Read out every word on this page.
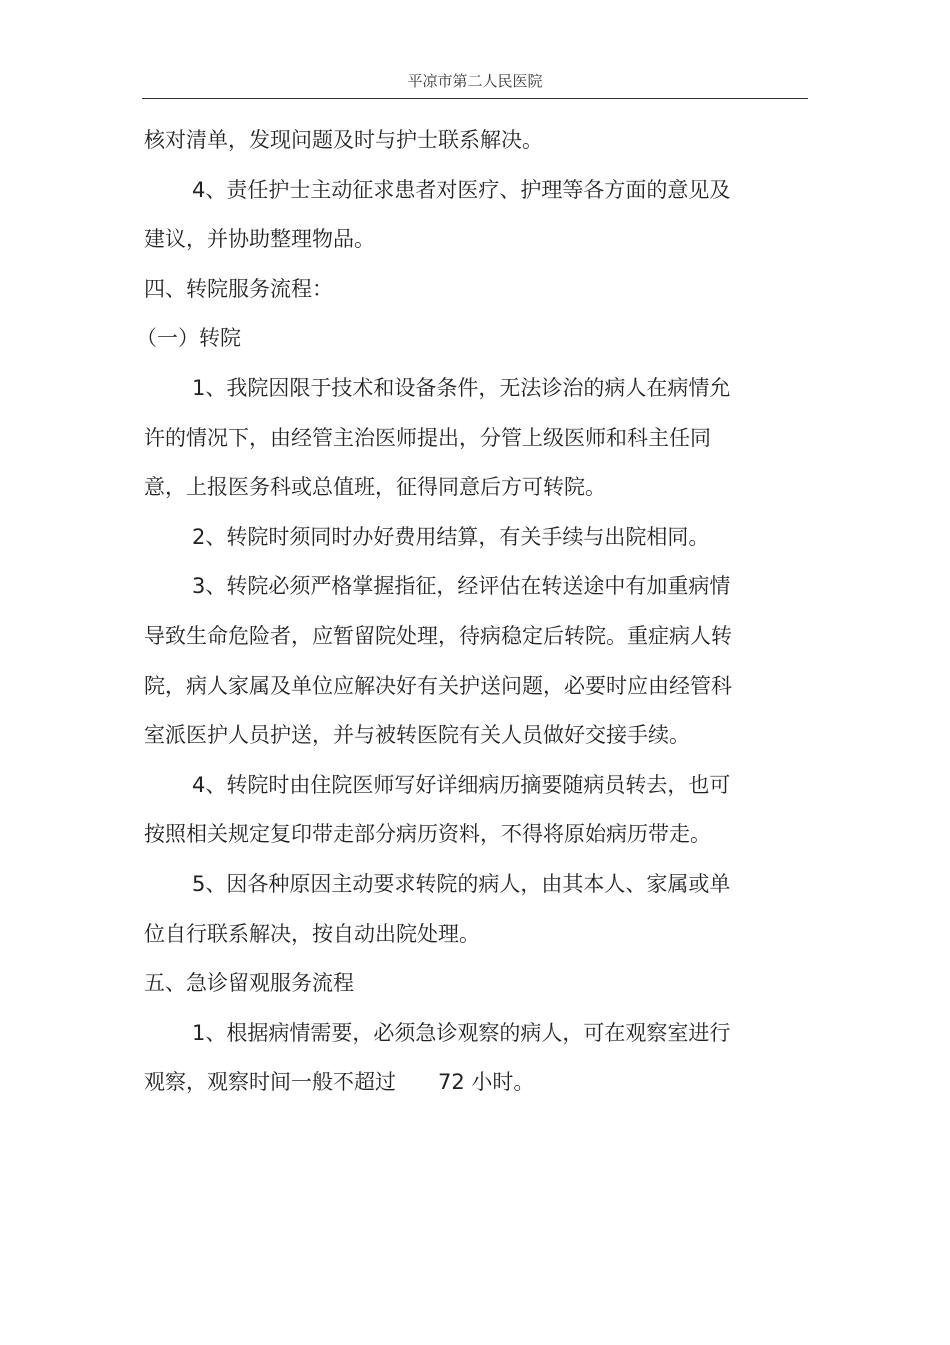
平凉市第二人民医院

核对清单，发现问题及时与护士联系解决。

4、责任护士主动征求患者对医疗、护理等各方面的意见及建议，并协助整理物品。

四、转院服务流程：

（一）转院

1、我院因限于技术和设备条件，无法诊治的病人在病情允许的情况下，由经管主治医师提出，分管上级医师和科主任同意，上报医务科或总值班，征得同意后方可转院。

2、转院时须同时办好费用结算，有关手续与出院相同。

3、转院必须严格掌握指征，经评估在转送途中有加重病情导致生命危险者，应暂留院处理，待病稳定后转院。重症病人转院，病人家属及单位应解决好有关护送问题，必要时应由经管科室派医护人员护送，并与被转医院有关人员做好交接手续。

4、转院时由住院医师写好详细病历摘要随病员转去，也可按照相关规定复印带走部分病历资料，不得将原始病历带走。

5、因各种原因主动要求转院的病人，由其本人、家属或单位自行联系解决，按自动出院处理。

五、急诊留观服务流程

1、根据病情需要，必须急诊观察的病人，可在观察室进行观察，观察时间一般不超过　　72 小时。
